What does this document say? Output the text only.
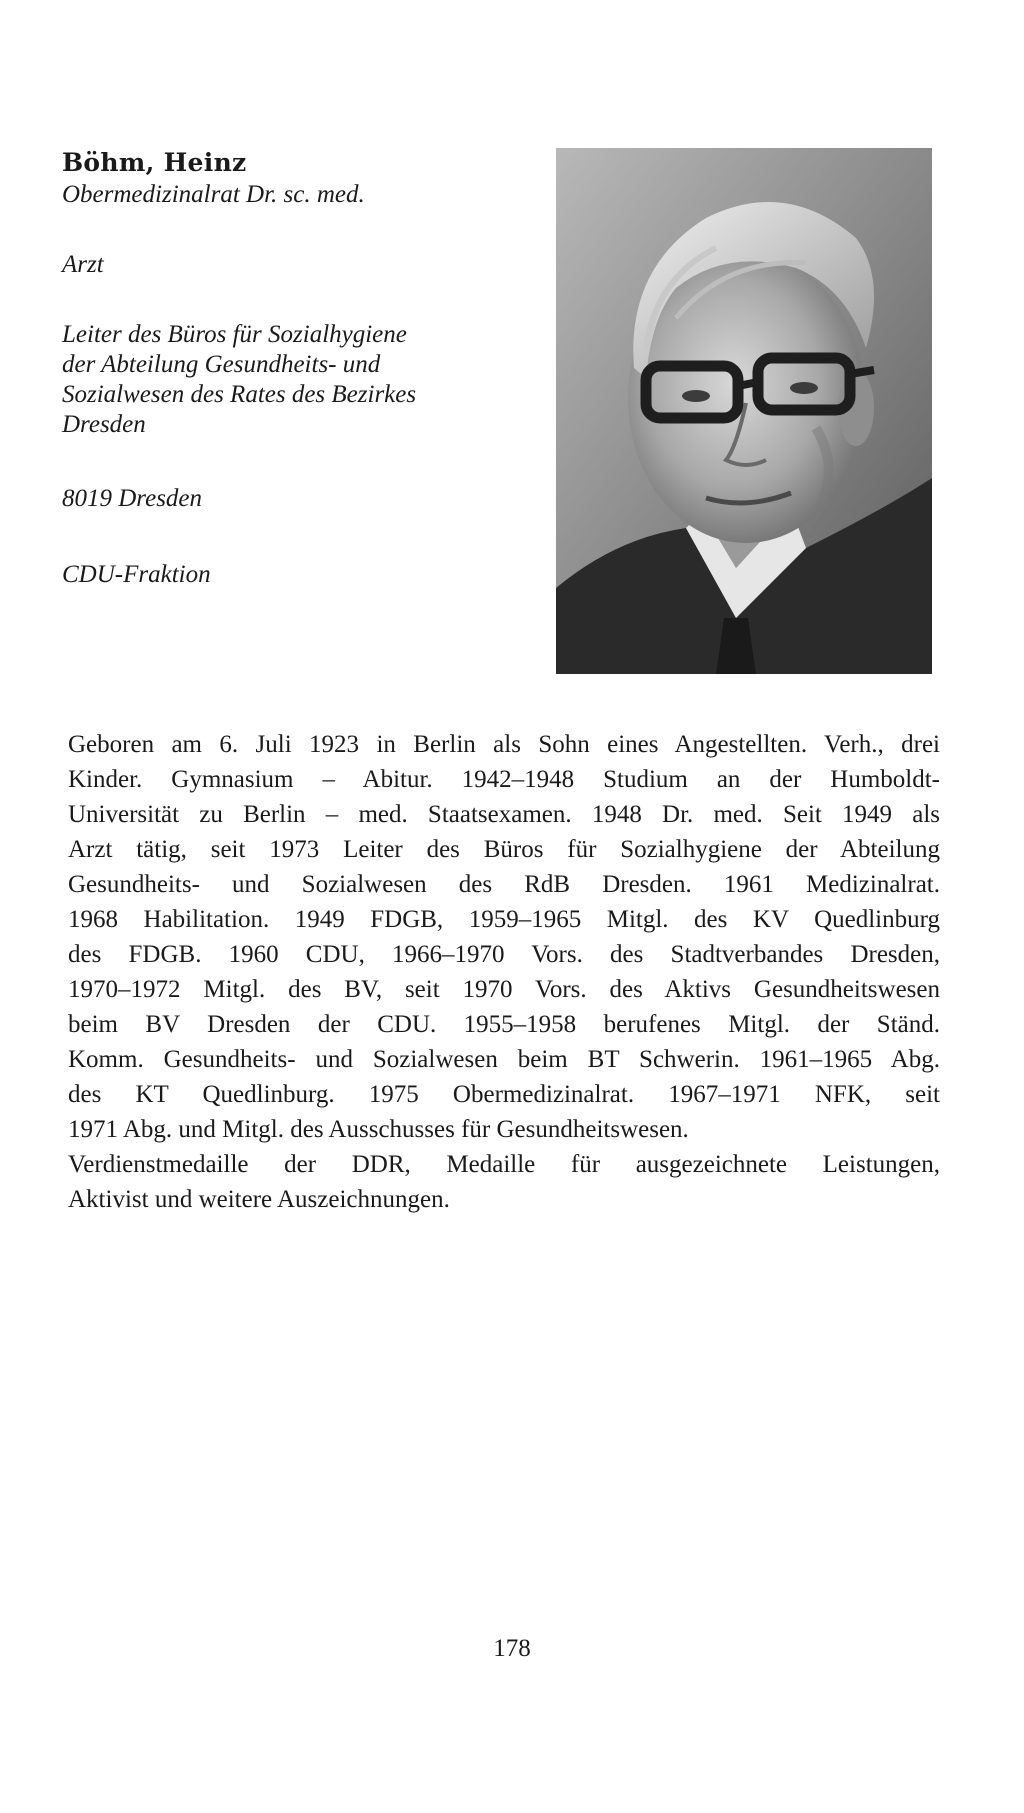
Böhm, Heinz

Obermedizinalrat Dr. sc. med.

Arzt

Leiter des Büros für Sozialhygiene

der Abteilung Gesundheits- und

Sozialwesen des Rates des Bezirkes

Dresden

8019 Dresden

CDU-Fraktion

Geboren am 6. Juli 1923 in Berlin als Sohn eines Angestellten. Verh., drei
Kinder. Gymnasium – Abitur. 1942–1948 Studium an der Humboldt-
Universität zu Berlin – med. Staatsexamen. 1948 Dr. med. Seit 1949 als
Arzt tätig, seit 1973 Leiter des Büros für Sozialhygiene der Abteilung
Gesundheits- und Sozialwesen des RdB Dresden. 1961 Medizinalrat.
1968 Habilitation. 1949 FDGB, 1959–1965 Mitgl. des KV Quedlinburg
des FDGB. 1960 CDU, 1966–1970 Vors. des Stadtverbandes Dresden,
1970–1972 Mitgl. des BV, seit 1970 Vors. des Aktivs Gesundheitswesen
beim BV Dresden der CDU. 1955–1958 berufenes Mitgl. der Ständ.
Komm. Gesundheits- und Sozialwesen beim BT Schwerin. 1961–1965 Abg.
des KT Quedlinburg. 1975 Obermedizinalrat. 1967–1971 NFK, seit
1971 Abg. und Mitgl. des Ausschusses für Gesundheitswesen.
Verdienstmedaille der DDR, Medaille für ausgezeichnete Leistungen,
Aktivist und weitere Auszeichnungen.
178
